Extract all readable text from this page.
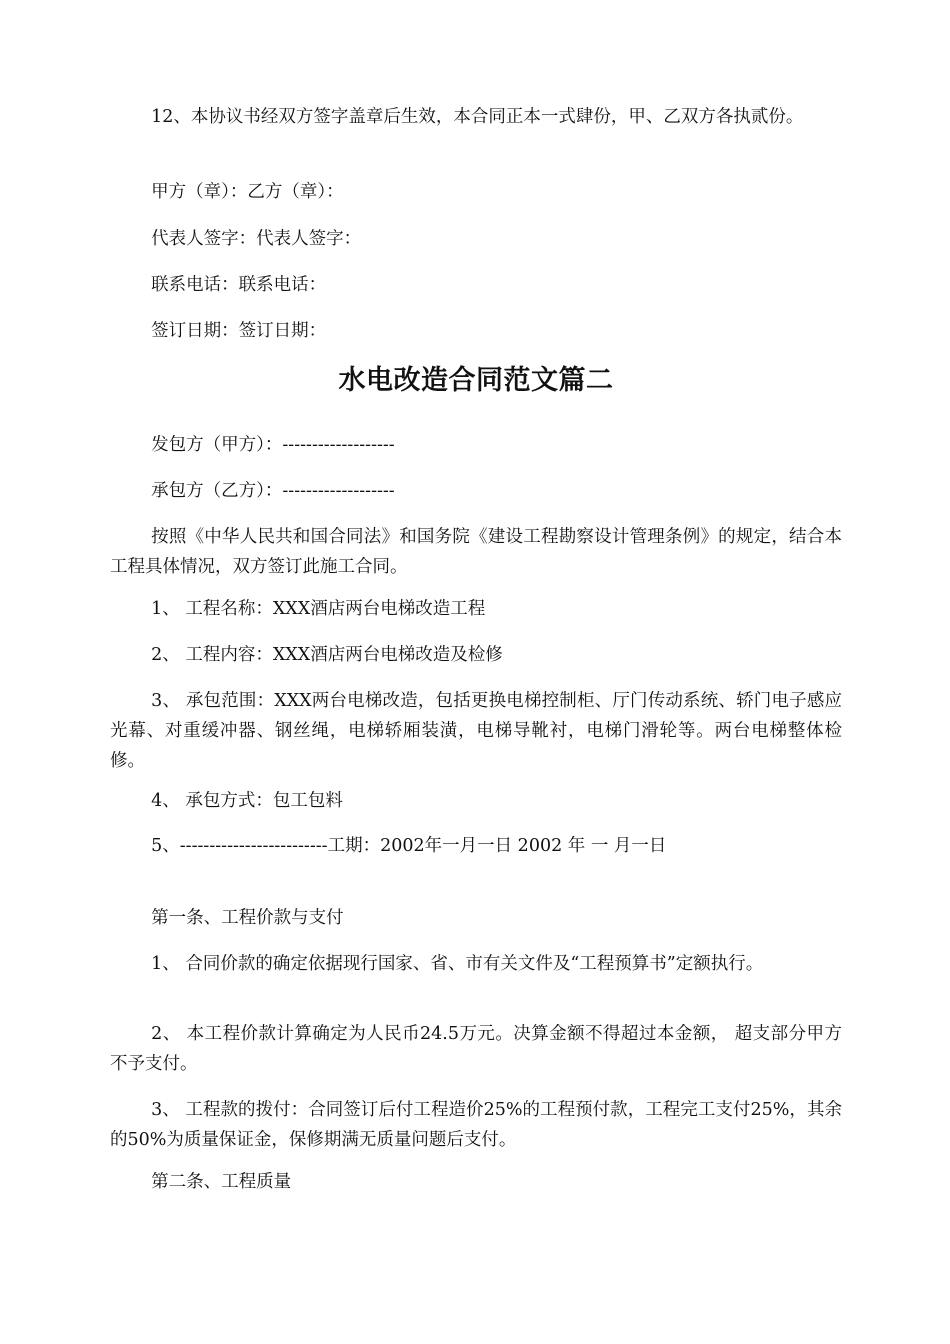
12、本协议书经双方签字盖章后生效，本合同正本一式肆份，甲、乙双方各执贰份。

甲方（章）：乙方（章）：

代表人签字：代表人签字：

联系电话：联系电话：

签订日期：签订日期：

水电改造合同范文篇二

发包方（甲方）：-------------------

承包方（乙方）：-------------------

按照《中华人民共和国合同法》和国务院《建设工程勘察设计管理条例》的规定，结合本工程具体情况，双方签订此施工合同。

1、 工程名称：XXX酒店两台电梯改造工程

2、 工程内容：XXX酒店两台电梯改造及检修

3、 承包范围：XXX两台电梯改造，包括更换电梯控制柜、厅门传动系统、轿门电子感应光幕、对重缓冲器、钢丝绳，电梯轿厢装潢，电梯导靴衬，电梯门滑轮等。两台电梯整体检修。

4、 承包方式：包工包料

5、-------------------------工期：2002年一月一日 2002 年 一 月一日

第一条、工程价款与支付

1、 合同价款的确定依据现行国家、省、市有关文件及“工程预算书”定额执行。

2、 本工程价款计算确定为人民币24.5万元。决算金额不得超过本金额， 超支部分甲方不予支付。

3、 工程款的拨付：合同签订后付工程造价25%的工程预付款，工程完工支付25%，其余的50%为质量保证金，保修期满无质量问题后支付。

第二条、工程质量
